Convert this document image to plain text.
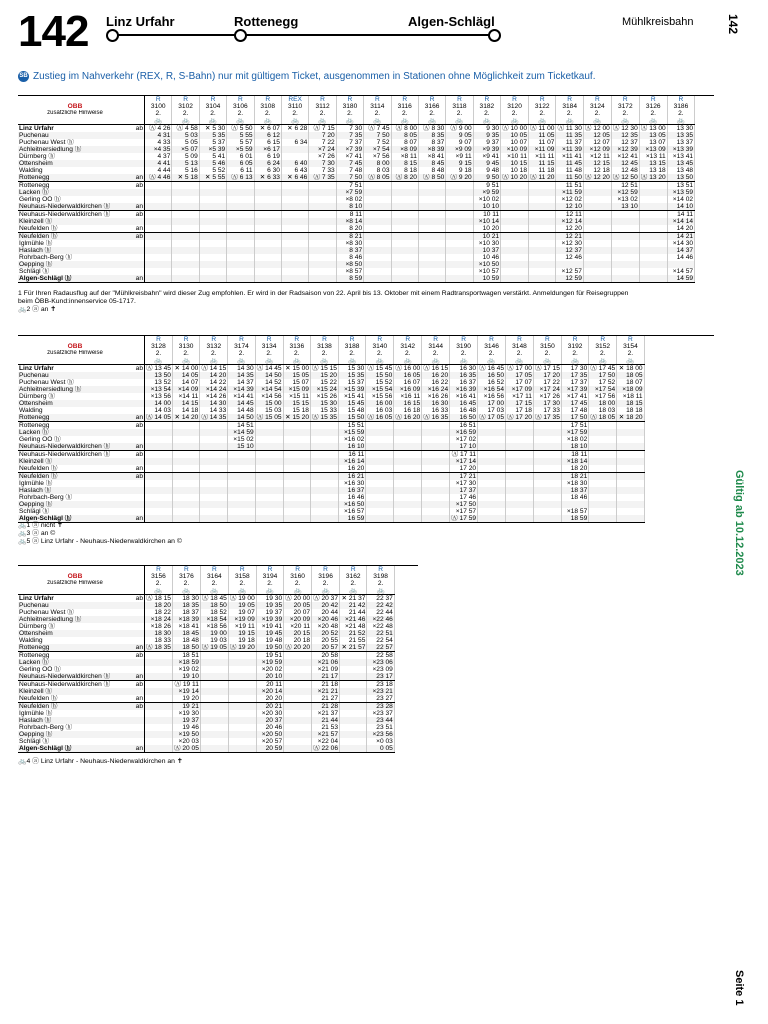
142 Linz Urfahr	Rottenegg	Algen-Schlägl	Mühlkreisbahn	142
Gültig ab 10.12.2023
Seite 1
SB Zustieg im Nahverkehr (REX, R, S-Bahn) nur mit gültigem Ticket, ausgenommen in Stationen ohne Möglichkeit zum Ticketkauf.
		R	R	R	R	R	REX	R	R	R	R	R	R	R	R	R	R	R	R	R	R
ÖBB		3100	3102	3104	3106	3108	3110	3112	3180	3114	3116	3166	3118	3182	3120	3122	3184	3124	3172	3126	3186
zusätzliche Hinweise		2.	2.	2.	2.	2.	2.	2.	2.	2.	2.	2.	2.	2.	2.	2.	2.	2.	2.	2.	2.
		🚲	🚲	🚲	🚲	🚲	🚲	🚲	🚲	🚲	🚲	🚲	🚲	🚲	🚲	🚲	🚲	🚲	🚲	🚲	🚲
Linz Urfahr	ab	Ⓐ 4 26	Ⓐ 4 58	✕ 5 30	Ⓐ 5 50	✕ 6 07	✕ 6 28	Ⓐ 7 15	7 30	Ⓐ 7 45	Ⓐ 8 00	Ⓐ 8 30	Ⓐ 9 00	9 30	Ⓐ 10 00	Ⓐ 11 00	Ⓐ 11 30	Ⓐ 12 00	Ⓐ 12 30	Ⓐ 13 00	13 30
Puchenau		4 31	5 03	5 35	5 55	6 12		7 20	7 35	7 50	8 05	8 35	9 05	9 35	10 05	11 05	11 35	12 05	12 35	13 05	13 35
Puchenau West ⓗ		4 33	5 05	5 37	5 57	6 15	6 34	7 22	7 37	7 52	8 07	8 37	9 07	9 37	10 07	11 07	11 37	12 07	12 37	13 07	13 37
Achleitnersiedlung ⓗ		×4 35	×5 07	×5 39	×5 59	×6 17		×7 24	×7 39	×7 54	×8 09	×8 39	×9 09	×9 39	×10 09	×11 09	×11 39	×12 09	×12 39	×13 09	×13 39
Dürnberg ⓗ		4 37	5 09	5 41	6 01	6 19		×7 26	×7 41	×7 56	×8 11	×8 41	×9 11	×9 41	×10 11	×11 11	×11 41	×12 11	×12 41	×13 11	×13 41
Ottensheim		4 41	5 13	5 46	6 05	6 24	6 40	7 30	7 45	8 00	8 15	8 45	9 15	9 45	10 15	11 15	11 45	12 15	12 45	13 15	13 45
Walding		4 44	5 16	5 52	6 11	6 30	6 43	7 33	7 48	8 03	8 18	8 48	9 18	9 48	10 18	11 18	11 48	12 18	12 48	13 18	13 48
Rottenegg	an	Ⓐ 4 46	✕ 5 18	✕ 5 55	Ⓐ 6 13	✕ 6 33	✕ 6 46	Ⓐ 7 35	7 50	Ⓐ 8 05	Ⓐ 8 20	Ⓐ 8 50	Ⓐ 9 20	9 50	Ⓐ 10 20	Ⓐ 11 20	11 50	Ⓐ 12 20	Ⓐ 12 50	Ⓐ 13 20	13 50
Rottenegg	ab								7 51					9 51			11 51		12 51		13 51
Lacken ⓗ									×7 59					×9 59			×11 59		×12 59		×13 59
Gerling OÖ ⓗ									×8 02					×10 02			×12 02		×13 02		×14 02
Neuhaus-Niederwaldkirchen ⓗ	an								8 10					10 10			12 10		13 10		14 10
Neuhaus-Niederwaldkirchen ⓗ	ab								8 11					10 11			12 11				14 11
Kleinzell ⓗ									×8 14					×10 14			×12 14				×14 14
Neufelden ⓗ	an								8 20					10 20			12 20				14 20
Neufelden ⓗ	ab								8 21					10 21			12 21				14 21
Iglmühle ⓗ									×8 30					×10 30			×12 30				×14 30
Haslach ⓗ									8 37					10 37			12 37				14 37
Rohrbach-Berg ⓗ									8 46					10 46			12 46				14 46
Oepping ⓗ									×8 50					×10 50							
Schlägl ⓗ									×8 57					×10 57			×12 57				×14 57
Algen-Schlägl ⓗ	an								8 59					10 59			12 59				14 59
1 Für Ihren Radausflug auf der "Mühlkreisbahn" wird dieser Zug empfohlen. Er wird in der Radsaison von 22. April bis 13. Oktober mit einem Radtransportwagen verstärkt. Anmeldungen für Reisegruppen
beim ÖBB-Kund:innenservice 05-1717.
🚲2 ⓐ an ✝
		R	R	R	R	R	R	R	R	R	R	R	R	R	R	R	R	R	R
ÖBB		3128	3130	3132	3174	3134	3136	3138	3188	3140	3142	3144	3190	3146	3148	3150	3192	3152	3154
zusätzliche Hinweise		2.	2.	2.	2.	2.	2.	2.	2.	2.	2.	2.	2.	2.	2.	2.	2.	2.	2.
		🚲	🚲	🚲	🚲	🚲	🚲	🚲	🚲	🚲	🚲	🚲	🚲	🚲	🚲	🚲	🚲	🚲	🚲
Linz Urfahr	ab	Ⓐ 13 45	✕ 14 00	Ⓐ 14 15	14 30	Ⓐ 14 45	✕ 15 00	Ⓐ 15 15	15 30	Ⓐ 15 45	Ⓐ 16 00	Ⓐ 16 15	16 30	Ⓐ 16 45	Ⓐ 17 00	Ⓐ 17 15	17 30	Ⓐ 17 45	✕ 18 00
Puchenau		13 50	14 05	14 20	14 35	14 50	15 05	15 20	15 35	15 50	16 05	16 20	16 35	16 50	17 05	17 20	17 35	17 50	18 05
Puchenau West ⓗ		13 52	14 07	14 22	14 37	14 52	15 07	15 22	15 37	15 52	16 07	16 22	16 37	16 52	17 07	17 22	17 37	17 52	18 07
Achleitnersiedlung ⓗ		×13 54	×14 09	×14 24	×14 39	×14 54	×15 09	×15 24	×15 39	×15 54	×16 09	×16 24	×16 39	×16 54	×17 09	×17 24	×17 39	×17 54	×18 09
Dürnberg ⓗ		×13 56	×14 11	×14 26	×14 41	×14 56	×15 11	×15 26	×15 41	×15 56	×16 11	×16 26	×16 41	×16 56	×17 11	×17 26	×17 41	×17 56	×18 11
Ottensheim		14 00	14 15	14 30	14 45	15 00	15 15	15 30	15 45	16 00	16 15	16 30	16 45	17 00	17 15	17 30	17 45	18 00	18 15
Walding		14 03	14 18	14 33	14 48	15 03	15 18	15 33	15 48	16 03	16 18	16 33	16 48	17 03	17 18	17 33	17 48	18 03	18 18
Rottenegg	an	Ⓐ 14 05	✕ 14 20	Ⓐ 14 35	14 50	Ⓐ 15 05	✕ 15 20	Ⓐ 15 35	15 50	Ⓐ 16 05	Ⓐ 16 20	Ⓐ 16 35	16 50	Ⓐ 17 05	Ⓐ 17 20	Ⓐ 17 35	17 50	Ⓐ 18 05	✕ 18 20
Rottenegg	ab				14 51				15 51				16 51				17 51		
Lacken ⓗ					×14 59				×15 59				×16 59				×17 59		
Gerling OÖ ⓗ					×15 02				×16 02				×17 02				×18 02		
Neuhaus-Niederwaldkirchen ⓗ	an				15 10				16 10				17 10				18 10		
Neuhaus-Niederwaldkirchen ⓗ	ab								16 11				Ⓐ 17 11				18 11		
Kleinzell ⓗ									×16 14				×17 14				×18 14		
Neufelden ⓗ	an								16 20				17 20				18 20		
Neufelden ⓗ	ab								16 21				17 21				18 21		
Iglmühle ⓗ									×16 30				×17 30				×18 30		
Haslach ⓗ									16 37				17 37				18 37		
Rohrbach-Berg ⓗ									16 46				17 46				18 46		
Oepping ⓗ									×16 50				×17 50						
Schlägl ⓗ									×16 57				×17 57				×18 57		
Algen-Schlägl ⓗ	an								16 59				Ⓐ 17 59				18 59		
🚲1 ⓐ nicht ✝
🚲3 ⓐ an ©
🚲5 ⓐ Linz Urfahr - Neuhaus-Niederwaldkirchen an ©
		R	R	R	R	R	R	R	R	R
ÖBB		3156	3176	3164	3158	3194	3160	3196	3162	3198
zusätzliche Hinweise		2.	2.	2.	2.	2.	2.	2.	2.	2.
		🚲	🚲	🚲	🚲	🚲	🚲	🚲	🚲	🚲
Linz Urfahr	ab	Ⓐ 18 15	18 30	Ⓐ 18 45	Ⓐ 19 00	19 30	Ⓐ 20 00	Ⓐ 20 37	✕ 21 37	22 37
Puchenau		18 20	18 35	18 50	19 05	19 35	20 05	20 42	21 42	22 42
Puchenau West ⓗ		18 22	18 37	18 52	19 07	19 37	20 07	20 44	21 44	22 44
Achleitnersiedlung ⓗ		×18 24	×18 39	×18 54	×19 09	×19 39	×20 09	×20 46	×21 46	×22 46
Dürnberg ⓗ		×18 26	×18 41	×18 56	×19 11	×19 41	×20 11	×20 48	×21 48	×22 48
Ottensheim		18 30	18 45	19 00	19 15	19 45	20 15	20 52	21 52	22 51
Walding		18 33	18 48	19 03	19 18	19 48	20 18	20 55	21 55	22 54
Rottenegg	an	Ⓐ 18 35	18 50	Ⓐ 19 05	Ⓐ 19 20	19 50	Ⓐ 20 20	20 57	✕ 21 57	22 57
Rottenegg	ab		18 51			19 51		20 58		22 58
Lacken ⓗ			×18 59			×19 59		×21 06		×23 06
Gerling OÖ ⓗ			×19 02			×20 02		×21 09		×23 09
Neuhaus-Niederwaldkirchen ⓗ	an		19 10			20 10		21 17		23 17
Neuhaus-Niederwaldkirchen ⓗ	ab		Ⓐ 19 11			20 11		21 18		23 18
Kleinzell ⓗ			×19 14			×20 14		×21 21		×23 21
Neufelden ⓗ	an		19 20			20 20		21 27		23 27
Neufelden ⓗ	ab		19 21			20 21		21 28		23 28
Iglmühle ⓗ			×19 30			×20 30		×21 37		×23 37
Haslach ⓗ			19 37			20 37		21 44		23 44
Rohrbach-Berg ⓗ			19 46			20 46		21 53		23 51
Oepping ⓗ			×19 50			×20 50		×21 57		×23 56
Schlägl ⓗ			×20 03			×20 57		×22 04		×0 03
Algen-Schlägl ⓗ	an		Ⓐ 20 05			20 59		Ⓐ 22 06		0 05
🚲4 ⓐ Linz Urfahr - Neuhaus-Niederwaldkirchen an ✝
